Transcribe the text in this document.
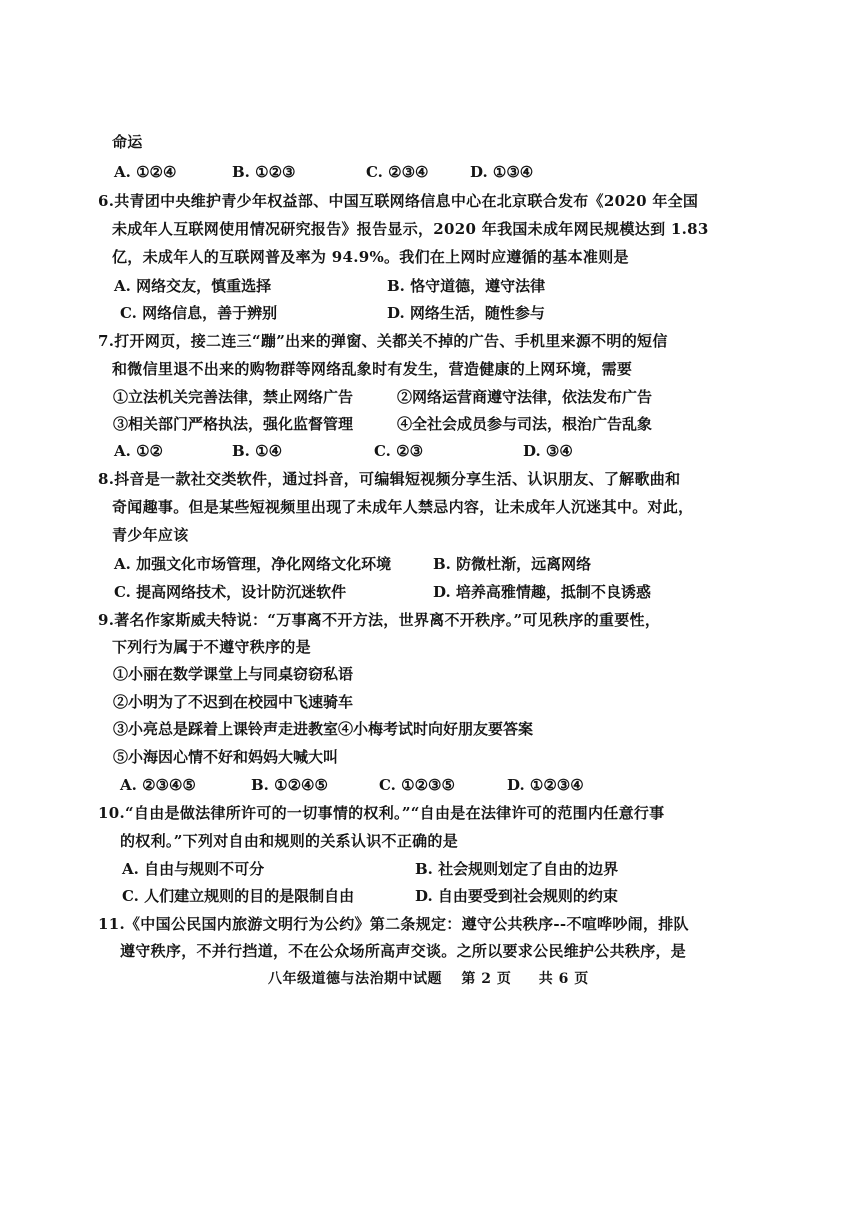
命运
A. ①②④	B. ①②③	C. ②③④	D. ①③④
6.共青团中央维护青少年权益部、中国互联网络信息中心在北京联合发布《2020 年全国
未成年人互联网使用情况研究报告》报告显示，2020 年我国未成年网民规模达到 1.83
亿，未成年人的互联网普及率为 94.9%。我们在上网时应遵循的基本准则是
A. 网络交友，慎重选择	B. 恪守道德，遵守法律
C. 网络信息，善于辨别	D. 网络生活，随性参与
7.打开网页，接二连三“蹦”出来的弹窗、关都关不掉的广告、手机里来源不明的短信
和微信里退不出来的购物群等网络乱象时有发生，营造健康的上网环境，需要
①立法机关完善法律，禁止网络广告	②网络运营商遵守法律，依法发布广告
③相关部门严格执法，强化监督管理	④全社会成员参与司法，根治广告乱象
A. ①②	B. ①④	C. ②③	D. ③④
8.抖音是一款社交类软件，通过抖音，可编辑短视频分享生活、认识朋友、了解歌曲和
奇闻趣事。但是某些短视频里出现了未成年人禁忌内容，让未成年人沉迷其中。对此，
青少年应该
A. 加强文化市场管理，净化网络文化环境	B. 防微杜渐，远离网络
C. 提高网络技术，设计防沉迷软件	D. 培养高雅情趣，抵制不良诱惑
9.著名作家斯威夫特说：“万事离不开方法，世界离不开秩序。”可见秩序的重要性，
下列行为属于不遵守秩序的是
①小丽在数学课堂上与同桌窃窃私语
②小明为了不迟到在校园中飞速骑车
③小亮总是踩着上课铃声走进教室④小梅考试时向好朋友要答案
⑤小海因心情不好和妈妈大喊大叫
A. ②③④⑤	B. ①②④⑤	C. ①②③⑤	D. ①②③④
10.“自由是做法律所许可的一切事情的权利。”“自由是在法律许可的范围内任意行事
的权利。”下列对自由和规则的关系认识不正确的是
A. 自由与规则不可分	B. 社会规则划定了自由的边界
C. 人们建立规则的目的是限制自由	D. 自由要受到社会规则的约束
11.《中国公民国内旅游文明行为公约》第二条规定：遵守公共秩序--不喧哗吵闹，排队
遵守秩序，不并行挡道，不在公众场所高声交谈。之所以要求公民维护公共秩序，是
八年级道德与法治期中试题 第 2 页 共 6 页
